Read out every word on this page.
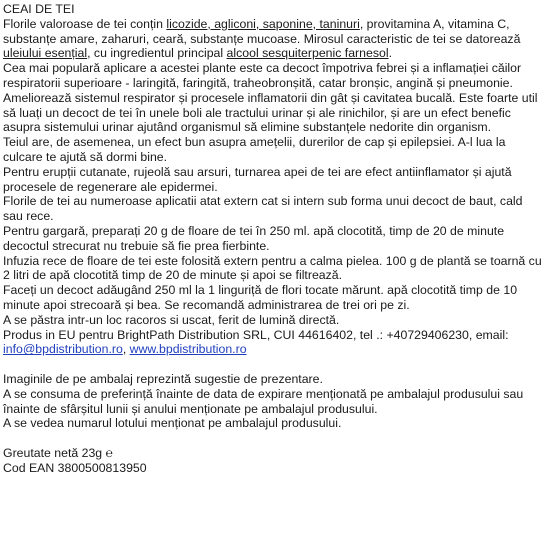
CEAI DE TEI

Florile valoroase de tei conțin licozide, agliconi, saponine, taninuri, provitamina A, vitamina C, substanțe amare, zaharuri, ceară, substanțe mucoase. Mirosul caracteristic de tei se datorează uleiului esențial, cu ingredientul principal alcool sesquiterpenic farnesol.

Cea mai populară aplicare a acestei plante este ca decoct împotriva febrei și a inflamației căilor respiratorii superioare - laringită, faringită, traheobronșită, catar bronșic, angină și pneumonie.

Ameliorează sistemul respirator și procesele inflamatorii din gât și cavitatea bucală. Este foarte util să luați un decoct de tei în unele boli ale tractului urinar și ale rinichilor, și are un efect benefic asupra sistemului urinar ajutând organismul să elimine substanțele nedorite din organism.

Teiul are, de asemenea, un efect bun asupra amețelii, durerilor de cap și epilepsiei. A-l lua la culcare te ajută să dormi bine.

Pentru erupții cutanate, rujeolă sau arsuri, turnarea apei de tei are efect antiinflamator și ajută procesele de regenerare ale epidermei.

Florile de tei au numeroase aplicatii atat extern cat si intern sub forma unui decoct de baut, cald sau rece.

Pentru gargară, preparați 20 g de floare de tei în 250 ml. apă clocotită, timp de 20 de minute decoctul strecurat nu trebuie să fie prea fierbinte.

Infuzia rece de floare de tei este folosită extern pentru a calma pielea. 100 g de plantă se toarnă cu 2 litri de apă clocotită timp de 20 de minute și apoi se filtrează.

Faceți un decoct adăugând 250 ml la 1 linguriță de flori tocate mărunt. apă clocotită timp de 10 minute apoi strecoară și bea. Se recomandă administrarea de trei ori pe zi.

A se păstra intr-un loc racoros si uscat, ferit de lumină directă.

Produs in EU pentru BrightPath Distribution SRL, CUI 44616402, tel .: +40729406230, email: info@bpdistribution.ro, www.bpdistribution.ro

Imaginile de pe ambalaj reprezintă sugestie de prezentare.

A se consuma de preferință înainte de data de expirare menționată pe ambalajul produsului sau înainte de sfârșitul lunii și anului menționate pe ambalajul produsului.

A se vedea numarul lotului menționat pe ambalajul produsului.

Greutate netă 23g ℮

Cod EAN 3800500813950
